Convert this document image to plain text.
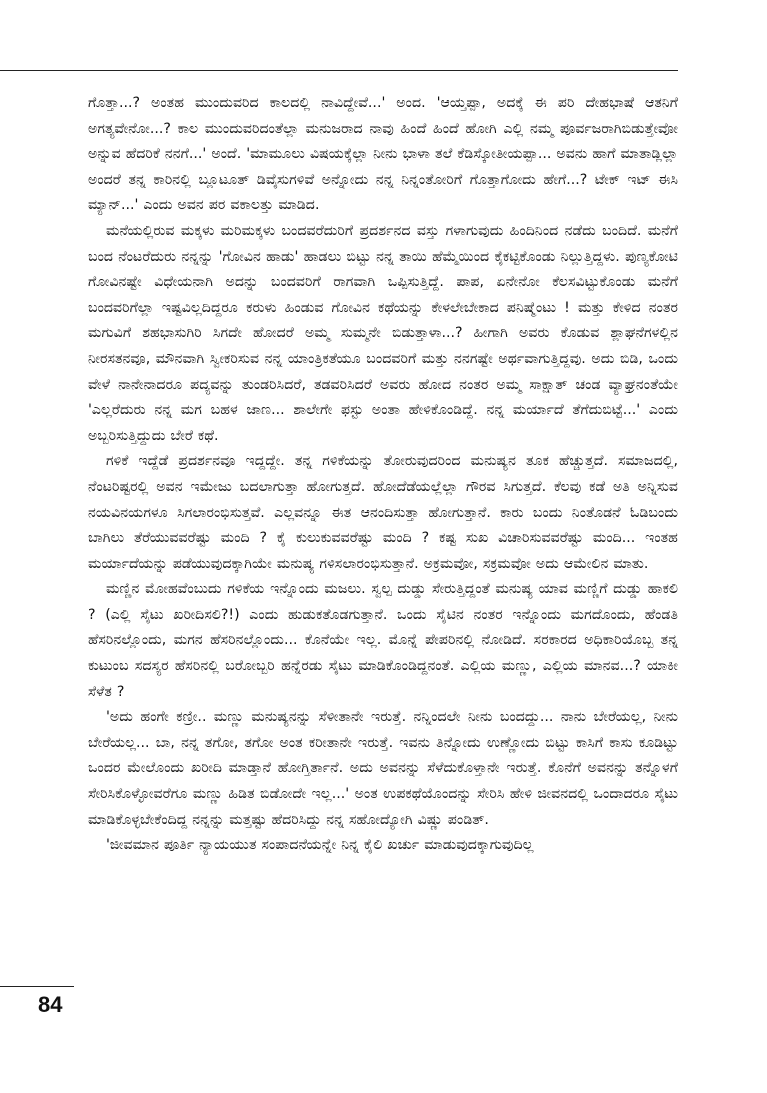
ಗೊತ್ತಾ...? ಅಂತಹ ಮುಂದುವರಿದ ಕಾಲದಲ್ಲಿ ನಾವಿದ್ದೇವೆ...' ಅಂದ. 'ಆಯ್ತಪ್ಪಾ, ಅದಕ್ಕೆ ಈ ಪರಿ ದೇಹಭಾಷೆ ಆತನಿಗೆ ಅಗತ್ಯವೇನೋ...? ಕಾಲ ಮುಂದುವರಿದಂತೆಲ್ಲಾ ಮನುಜರಾದ ನಾವು ಹಿಂದೆ ಹಿಂದೆ ಹೋಗಿ ಎಲ್ಲಿ ನಮ್ಮ ಪೂರ್ವಜರಾಗಿಬಿಡುತ್ತೇವೋ ಅನ್ನುವ ಹೆದರಿಕೆ ನನಗೆ...' ಅಂದೆ. 'ಮಾಮೂಲು ವಿಷಯಕ್ಕೆಲ್ಲಾ ನೀನು ಭಾಳಾ ತಲೆ ಕೆಡಿಸ್ಕೋತೀಯಪ್ಪಾ... ಅವನು ಹಾಗೆ ಮಾತಾಡ್ಲಿಲ್ಲಾ ಅಂದರೆ ತನ್ನ ಕಾರಿನಲ್ಲಿ ಬ್ಲೂಟೂತ್ ಡಿವೈಸುಗಳಿವೆ ಅನ್ನೋದು ನನ್ನ ನಿನ್ನಂತೋರಿಗೆ ಗೊತ್ತಾಗೋದು ಹೇಗೆ...? ಟೇಕ್ ಇಟ್ ಈಸಿ ಮ್ಯಾನ್...' ಎಂದು ಅವನ ಪರ ವಕಾಲತ್ತು ಮಾಡಿದ.

ಮನೆಯಲ್ಲಿರುವ ಮಕ್ಕಳು ಮರಿಮಕ್ಕಳು ಬಂದವರೆದುರಿಗೆ ಪ್ರದರ್ಶನದ ವಸ್ತು ಗಳಾಗುವುದು ಹಿಂದಿನಿಂದ ನಡೆದು ಬಂದಿದೆ. ಮನೆಗೆ ಬಂದ ನೆಂಟರೆದುರು ನನ್ನನ್ನು 'ಗೋವಿನ ಹಾಡು' ಹಾಡಲು ಬಿಟ್ಟು ನನ್ನ ತಾಯಿ ಹೆಮ್ಮೆಯಿಂದ ಕೈಕಟ್ಟಿಕೊಂಡು ನಿಲ್ಲುತ್ತಿದ್ದಳು. ಪುಣ್ಯಕೋಟಿ ಗೋವಿನಷ್ಟೇ ವಿಧೇಯನಾಗಿ ಅದನ್ನು ಬಂದವರಿಗೆ ರಾಗವಾಗಿ ಒಪ್ಪಿಸುತ್ತಿದ್ದೆ. ಪಾಪ, ಏನೇನೋ ಕೆಲಸವಿಟ್ಟುಕೊಂಡು ಮನೆಗೆ ಬಂದವರಿಗೆಲ್ಲಾ ಇಷ್ಟವಿಲ್ಲದಿದ್ದರೂ ಕರುಳು ಹಿಂಡುವ ಗೋವಿನ ಕಥೆಯನ್ನು ಕೇಳಲೇಬೇಕಾದ ಪನಿಷ್ಮೆಂಟು ! ಮತ್ತು ಕೇಳಿದ ನಂತರ ಮಗುವಿಗೆ ಶಹಭಾಸುಗಿರಿ ಸಿಗದೇ ಹೋದರೆ ಅಮ್ಮ ಸುಮ್ಮನೇ ಬಿಡುತ್ತಾಳಾ...? ಹೀಗಾಗಿ ಅವರು ಕೊಡುವ ಶ್ಲಾಘನೆಗಳಲ್ಲಿನ ನೀರಸತನವೂ, ಮೌನವಾಗಿ ಸ್ವೀಕರಿಸುವ ನನ್ನ ಯಾಂತ್ರಿಕತೆಯೂ ಬಂದವರಿಗೆ ಮತ್ತು ನನಗಷ್ಟೇ ಅರ್ಥವಾಗುತ್ತಿದ್ದವು. ಅದು ಬಿಡಿ, ಒಂದು ವೇಳೆ ನಾನೇನಾದರೂ ಪದ್ಯವನ್ನು ತುಂಡರಿಸಿದರೆ, ತಡವರಿಸಿದರೆ ಅವರು ಹೋದ ನಂತರ ಅಮ್ಮ ಸಾಕ್ಷಾತ್ ಚಂಡ ವ್ಯಾಘ್ರನಂತೆಯೇ 'ಎಲ್ಲರೆದುರು ನನ್ನ ಮಗ ಬಹಳ ಜಾಣ... ಶಾಲೇಗೇ ಫಸ್ಟು ಅಂತಾ ಹೇಳಿಕೊಂಡಿದ್ದೆ. ನನ್ನ ಮರ್ಯಾದೆ ತೆಗೆದುಬಿಟ್ಟೆ...' ಎಂದು ಅಬ್ಬರಿಸುತ್ತಿದ್ದುದು ಬೇರೆ ಕಥೆ.

ಗಳಿಕೆ ಇದ್ದೆಡೆ ಪ್ರದರ್ಶನವೂ ಇದ್ದದ್ದೇ. ತನ್ನ ಗಳಿಕೆಯನ್ನು ತೋರುವುದರಿಂದ ಮನುಷ್ಯನ ತೂಕ ಹೆಚ್ಚುತ್ತದೆ. ಸಮಾಜದಲ್ಲಿ, ನೆಂಟರಿಷ್ಟರಲ್ಲಿ ಅವನ ಇಮೇಜು ಬದಲಾಗುತ್ತಾ ಹೋಗುತ್ತದೆ. ಹೋದೆಡೆಯಲ್ಲೆಲ್ಲಾ ಗೌರವ ಸಿಗುತ್ತದೆ. ಕೆಲವು ಕಡೆ ಅತಿ ಅನ್ನಿಸುವ ನಯವಿನಯಗಳೂ ಸಿಗಲಾರಂಭಿಸುತ್ತವೆ. ಎಲ್ಲವನ್ನೂ ಈತ ಆನಂದಿಸುತ್ತಾ ಹೋಗುತ್ತಾನೆ. ಕಾರು ಬಂದು ನಿಂತೊಡನೆ ಓಡಿಬಂದು ಬಾಗಿಲು ತೆರೆಯುವವರೆಷ್ಟು ಮಂದಿ ? ಕೈ ಕುಲುಕುವವರೆಷ್ಟು ಮಂದಿ ? ಕಷ್ಟ ಸುಖ ವಿಚಾರಿಸುವವರೆಷ್ಟು ಮಂದಿ... ಇಂತಹ ಮರ್ಯಾದೆಯನ್ನು ಪಡೆಯುವುದಕ್ಕಾಗಿಯೇ ಮನುಷ್ಯ ಗಳಿಸಲಾರಂಭಿಸುತ್ತಾನೆ. ಅಕ್ರಮವೋ, ಸಕ್ರಮವೋ ಅದು ಆಮೇಲಿನ ಮಾತು.

ಮಣ್ಣಿನ ಮೋಹವೆಂಬುದು ಗಳಿಕೆಯ ಇನ್ನೊಂದು ಮಜಲು. ಸ್ವಲ್ಪ ದುಡ್ಡು ಸೇರುತ್ತಿದ್ದಂತೆ ಮನುಷ್ಯ ಯಾವ ಮಣ್ಣಿಗೆ ದುಡ್ಡು ಹಾಕಲಿ ? (ಎಲ್ಲಿ ಸೈಟು ಖರೀದಿಸಲಿ?!) ಎಂದು ಹುಡುಕತೊಡಗುತ್ತಾನೆ. ಒಂದು ಸೈಟಿನ ನಂತರ ಇನ್ನೊಂದು ಮಗದೊಂದು, ಹೆಂಡತಿ ಹೆಸರಿನಲ್ಲೊಂದು, ಮಗನ ಹೆಸರಿನಲ್ಲೊಂದು... ಕೊನೆಯೇ ಇಲ್ಲ. ಮೊನ್ನೆ ಪೇಪರಿನಲ್ಲಿ ನೋಡಿದೆ. ಸರಕಾರದ ಅಧಿಕಾರಿಯೊಬ್ಬ ತನ್ನ ಕುಟುಂಬ ಸದಸ್ಯರ ಹೆಸರಿನಲ್ಲಿ ಬರೋಬ್ಬರಿ ಹನ್ನೆರಡು ಸೈಟು ಮಾಡಿಕೊಂಡಿದ್ದನಂತೆ. ಎಲ್ಲಿಯ ಮಣ್ಣು, ಎಲ್ಲಿಯ ಮಾನವ...? ಯಾಕೀ ಸೆಳೆತ ?

'ಅದು ಹಂಗೇ ಕಣ್ರೀ.. ಮಣ್ಣು ಮನುಷ್ಯನನ್ನು ಸೆಳೀತಾನೇ ಇರುತ್ತೆ. ನನ್ನಿಂದಲೇ ನೀನು ಬಂದದ್ದು... ನಾನು ಬೇರೆಯಲ್ಲ, ನೀನು ಬೇರೆಯಲ್ಲ... ಬಾ, ನನ್ನ ತಗೋ, ತಗೋ ಅಂತ ಕರೀತಾನೇ ಇರುತ್ತೆ. ಇವನು ತಿನ್ನೋದು ಉಣ್ಣೋದು ಬಿಟ್ಟು ಕಾಸಿಗೆ ಕಾಸು ಕೂಡಿಟ್ಟು ಒಂದರ ಮೇಲೊಂದು ಖರೀದಿ ಮಾಡ್ತಾನೆ ಹೋಗ್ತಿರ್ತಾನೆ. ಅದು ಅವನನ್ನು ಸೆಳೆದುಕೊಳ್ತಾನೇ ಇರುತ್ತೆ. ಕೊನೆಗೆ ಅವನನ್ನು ತನ್ನೊಳಗೆ ಸೇರಿಸಿಕೊಳ್ಳೋವರೆಗೂ ಮಣ್ಣು ಹಿಡಿತ ಬಿಡೋದೇ ಇಲ್ಲ...' ಅಂತ ಉಪಕಥೆಯೊಂದನ್ನು ಸೇರಿಸಿ ಹೇಳಿ ಜೀವನದಲ್ಲಿ ಒಂದಾದರೂ ಸೈಟು ಮಾಡಿಕೊಳ್ಳಬೇಕೆಂದಿದ್ದ ನನ್ನನ್ನು ಮತ್ತಷ್ಟು ಹೆದರಿಸಿದ್ದು ನನ್ನ ಸಹೋದ್ಯೋಗಿ ವಿಷ್ಣು ಪಂಡಿತ್.

'ಜೀವಮಾನ ಪೂರ್ತಿ ನ್ಯಾಯಯುತ ಸಂಪಾದನೆಯನ್ನೇ ನಿನ್ನ ಕೈಲಿ ಖರ್ಚು ಮಾಡುವುದಕ್ಕಾಗುವುದಿಲ್ಲ

84
